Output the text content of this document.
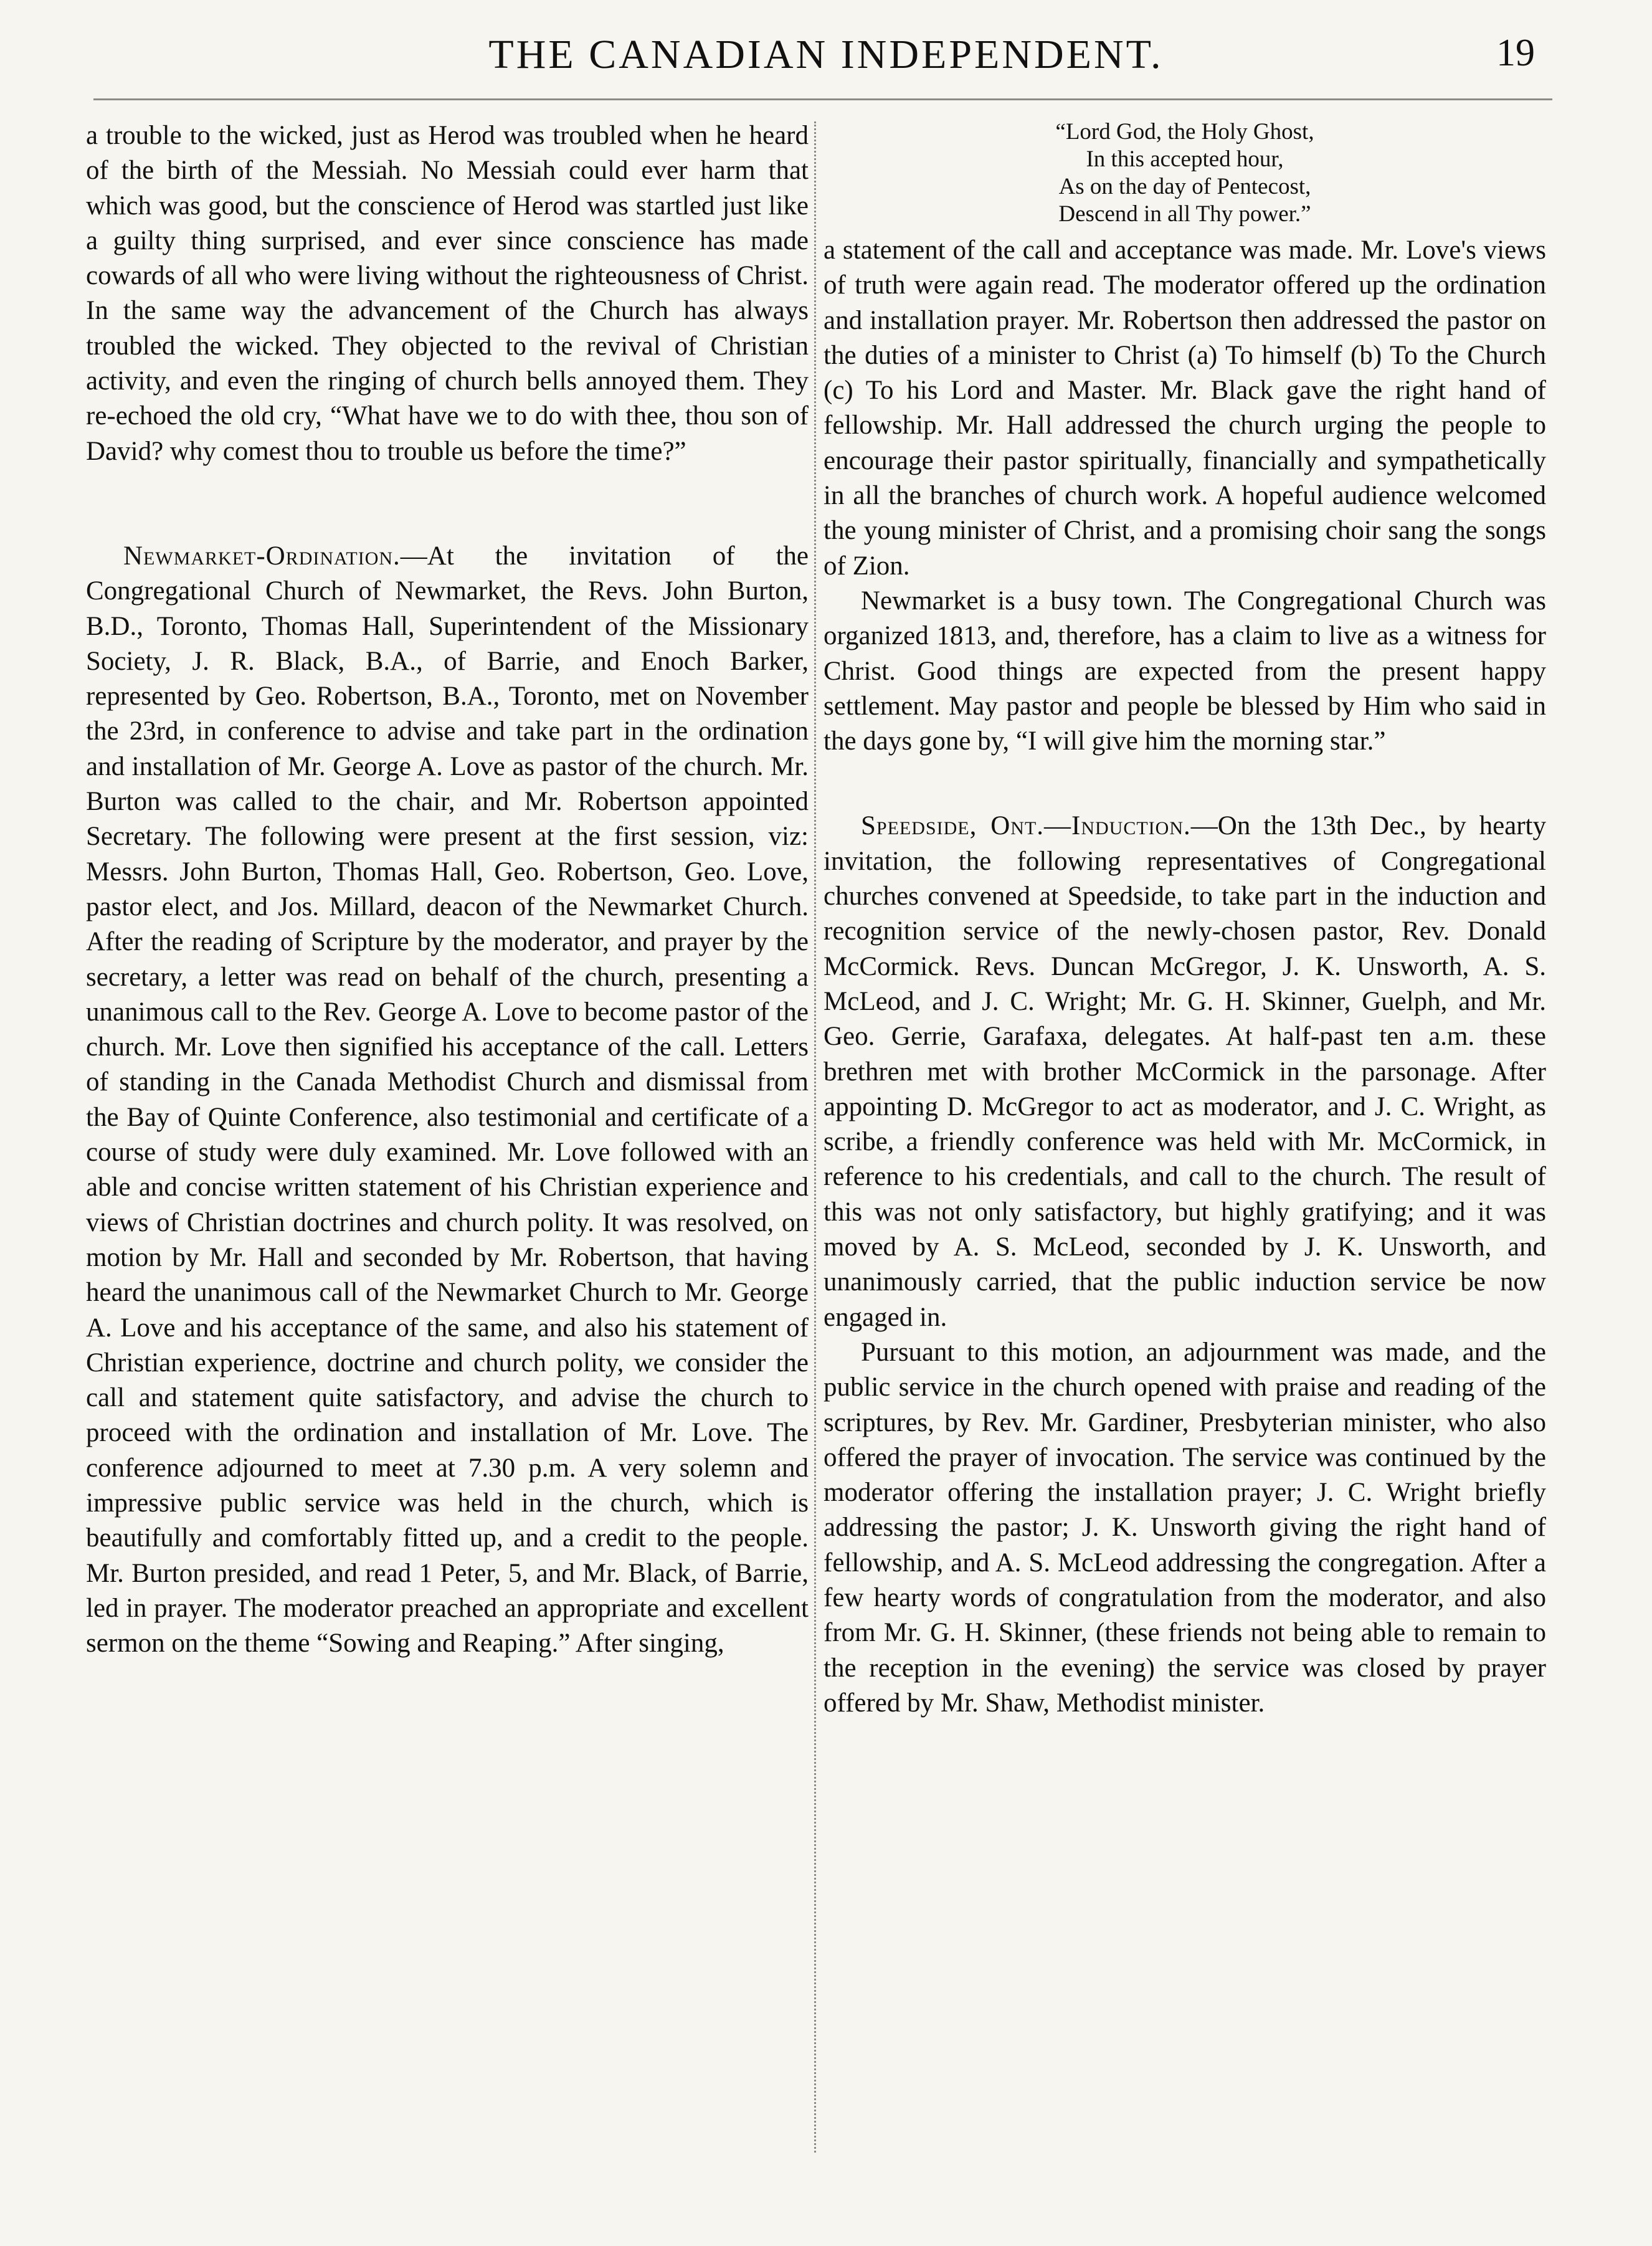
THE CANADIAN INDEPENDENT.	19

a trouble to the wicked, just as Herod was troubled when he heard of the birth of the Messiah. No Messiah could ever harm that which was good, but the conscience of Herod was startled just like a guilty thing surprised, and ever since conscience has made cowards of all who were living without the righteousness of Christ. In the same way the advancement of the Church has always troubled the wicked. They objected to the revival of Christian activity, and even the ringing of church bells annoyed them. They re-echoed the old cry, “What have we to do with thee, thou son of David? why comest thou to trouble us before the time?”

Newmarket-Ordination.—At the invitation of the Congregational Church of Newmarket, the Revs. John Burton, B.D., Toronto, Thomas Hall, Superintendent of the Missionary Society, J. R. Black, B.A., of Barrie, and Enoch Barker, represented by Geo. Robertson, B.A., Toronto, met on November the 23rd, in conference to advise and take part in the ordination and installation of Mr. George A. Love as pastor of the church. Mr. Burton was called to the chair, and Mr. Robertson appointed Secretary. The following were present at the first session, viz: Messrs. John Burton, Thomas Hall, Geo. Robertson, Geo. Love, pastor elect, and Jos. Millard, deacon of the Newmarket Church. After the reading of Scripture by the moderator, and prayer by the secretary, a letter was read on behalf of the church, presenting a unanimous call to the Rev. George A. Love to become pastor of the church. Mr. Love then signified his acceptance of the call. Letters of standing in the Canada Methodist Church and dismissal from the Bay of Quinte Conference, also testimonial and certificate of a course of study were duly examined. Mr. Love followed with an able and concise written statement of his Christian experience and views of Christian doctrines and church polity. It was resolved, on motion by Mr. Hall and seconded by Mr. Robertson, that having heard the unanimous call of the Newmarket Church to Mr. George A. Love and his acceptance of the same, and also his statement of Christian experience, doctrine and church polity, we consider the call and statement quite satisfactory, and advise the church to proceed with the ordination and installation of Mr. Love. The conference adjourned to meet at 7.30 p.m. A very solemn and impressive public service was held in the church, which is beautifully and comfortably fitted up, and a credit to the people. Mr. Burton presided, and read 1 Peter, 5, and Mr. Black, of Barrie, led in prayer. The moderator preached an appropriate and excellent sermon on the theme “Sowing and Reaping.” After singing,

“Lord God, the Holy Ghost,
In this accepted hour,
As on the day of Pentecost,
Descend in all Thy power.”

a statement of the call and acceptance was made. Mr. Love's views of truth were again read. The moderator offered up the ordination and installation prayer. Mr. Robertson then addressed the pastor on the duties of a minister to Christ (a) To himself (b) To the Church (c) To his Lord and Master. Mr. Black gave the right hand of fellowship. Mr. Hall addressed the church urging the people to encourage their pastor spiritually, financially and sympathetically in all the branches of church work. A hopeful audience welcomed the young minister of Christ, and a promising choir sang the songs of Zion.

Newmarket is a busy town. The Congregational Church was organized 1813, and, therefore, has a claim to live as a witness for Christ. Good things are expected from the present happy settlement. May pastor and people be blessed by Him who said in the days gone by, “I will give him the morning star.”

Speedside, Ont.—Induction.—On the 13th Dec., by hearty invitation, the following representatives of Congregational churches convened at Speedside, to take part in the induction and recognition service of the newly-chosen pastor, Rev. Donald McCormick. Revs. Duncan McGregor, J. K. Unsworth, A. S. McLeod, and J. C. Wright; Mr. G. H. Skinner, Guelph, and Mr. Geo. Gerrie, Garafaxa, delegates. At half-past ten a.m. these brethren met with brother McCormick in the parsonage. After appointing D. McGregor to act as moderator, and J. C. Wright, as scribe, a friendly conference was held with Mr. McCormick, in reference to his credentials, and call to the church. The result of this was not only satisfactory, but highly gratifying; and it was moved by A. S. McLeod, seconded by J. K. Unsworth, and unanimously carried, that the public induction service be now engaged in.

Pursuant to this motion, an adjournment was made, and the public service in the church opened with praise and reading of the scriptures, by Rev. Mr. Gardiner, Presbyterian minister, who also offered the prayer of invocation. The service was continued by the moderator offering the installation prayer; J. C. Wright briefly addressing the pastor; J. K. Unsworth giving the right hand of fellowship, and A. S. McLeod addressing the congregation. After a few hearty words of congratulation from the moderator, and also from Mr. G. H. Skinner, (these friends not being able to remain to the reception in the evening) the service was closed by prayer offered by Mr. Shaw, Methodist minister.
